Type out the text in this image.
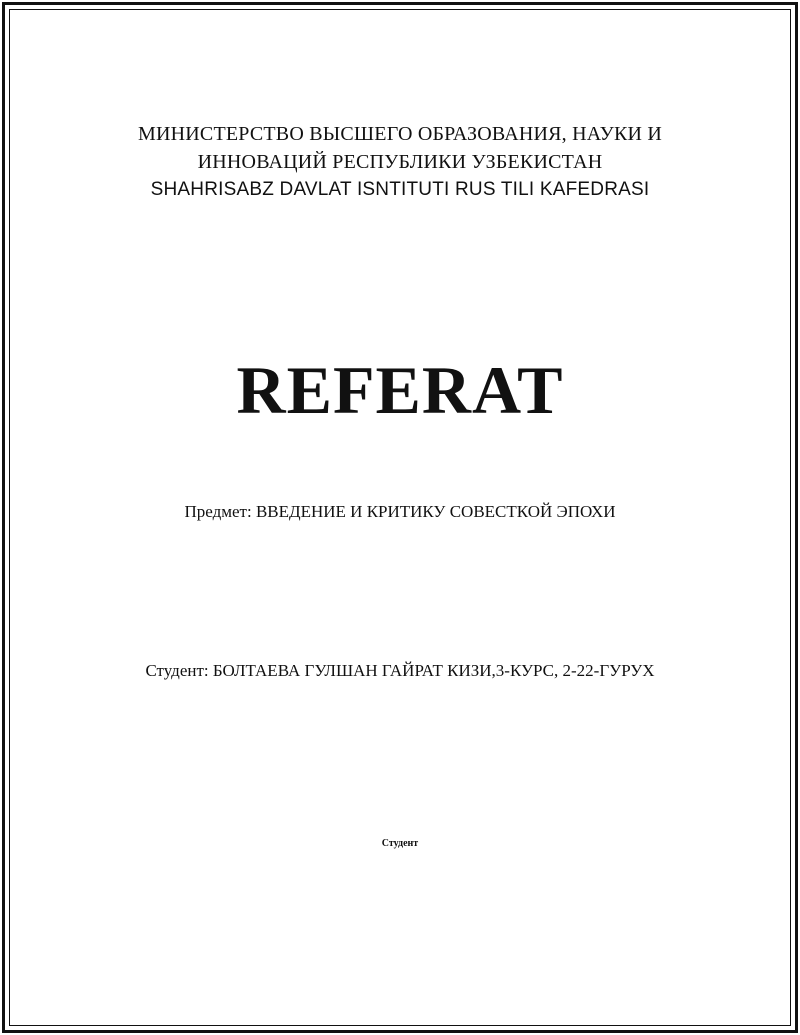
МИНИСТЕРСТВО ВЫСШЕГО ОБРАЗОВАНИЯ, НАУКИ И
ИННОВАЦИЙ РЕСПУБЛИКИ УЗБЕКИСТАН
SHAHRISABZ DAVLAT ISNTITUTI RUS TILI KAFEDRASI
REFERAT
Предмет: ВВЕДЕНИЕ И КРИТИКУ СОВЕСТКОЙ ЭПОХИ
Студент: БОЛТАЕВА ГУЛШАН ГАЙРАТ КИЗИ,3-КУРС, 2-22-ГУРУХ
Студент
